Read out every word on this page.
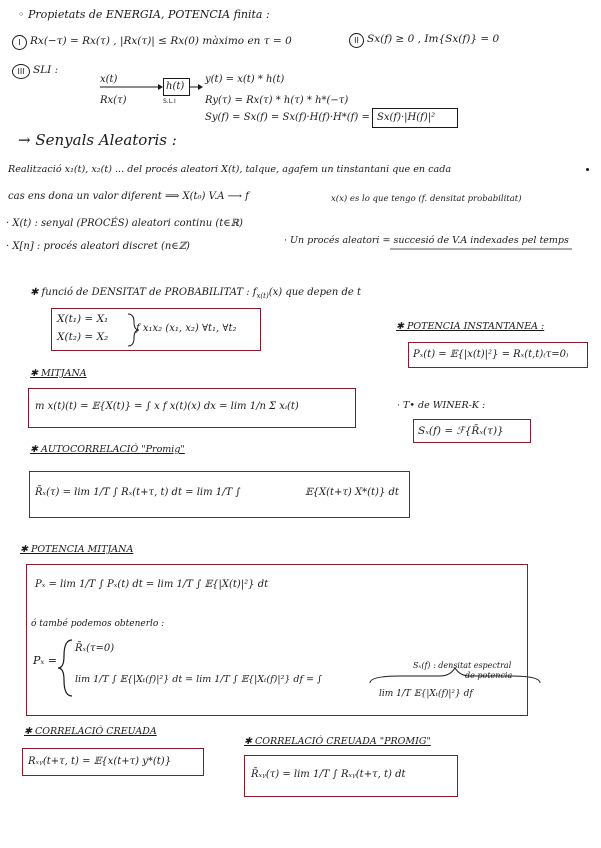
◦ Propietats de ENERGIA, POTENCIA finita :
I Rx(−τ) = Rx(τ) , |Rx(τ)| ≤ Rx(0) màximo en τ = 0	II Sx(f) ≥ 0 , Im{Sx(f)} = 0
III SLI :
x(t)
Rx(τ)
h(t)
S.L.I
y(t) = x(t) * h(t)
Ry(τ) = Rx(τ) * h(τ) * h*(−τ)
Sy(f) = Sx(f) = Sx(f)·H(f)·H*(f) = Sx(f)·|H(f)|²
→ Senyals Aleatoris :
Realització x₁(t), x₂(t) ... del procés aleatori X(t), talque, agafem un tinstantani que en cada
cas ens dona un valor diferent ⟹ X(t₀) V.A ⟶ f	x(x) es lo que tengo (f. densitat probabilitat)
· X(t) : senyal (PROCÉS) aleatori continu (t∈ℝ)
· X[n] : procés aleatori discret (n∈ℤ)
· Un procés aleatori = succesió de V.A indexades pel temps
✱ funció de DENSITAT de PROBABILITAT : $f_{x(t)}(x)$ que depen de t
X(t₁) = X₁
X(t₂) = X₂
f x₁x₂ (x₁, x₂) ∀t₁, ∀t₂	✱ POTENCIA INSTANTANEA :
Pₓ(t) = 𝔼{|x(t)|²} = Rₓ(t,t)₍τ=0₎
✱ MITJANA
m x(t)(t) = 𝔼{X(t)} = ∫ x f x(t)(x) dx = lim 1/n Σ xᵢ(t)	· T• de WINER-K :
Sₓ(f) = ℱ{R̄ₓ(τ)}
✱ AUTOCORRELACIÓ "Promig"
R̄ₓ(τ) = lim 1/T ∫ Rₓ(t+τ, t) dt = lim 1/T ∫	𝔼{X(t+τ) X*(t)} dt
✱ POTENCIA MITJANA
Pₓ = lim 1/T ∫ Pₓ(t) dt = lim 1/T ∫ 𝔼{|X(t)|²} dt
ó també podemos obtenerlo :
Pₓ =
R̄ₓ(τ=0)
lim 1/T ∫ 𝔼{|Xₜ(f)|²} dt = lim 1/T ∫ 𝔼{|Xₜ(f)|²} df = ∫
lim 1/T 𝔼{|Xₜ(f)|²} df
Sₓ(f) : densitat espectral
de potencia
✱ CORRELACIÓ CREUADA
Rₓᵧ(t+τ, t) = 𝔼{x(t+τ) y*(t)}
✱ CORRELACIÓ CREUADA "PROMIG"
R̄ₓᵧ(τ) = lim 1/T ∫ Rₓᵧ(t+τ, t) dt
